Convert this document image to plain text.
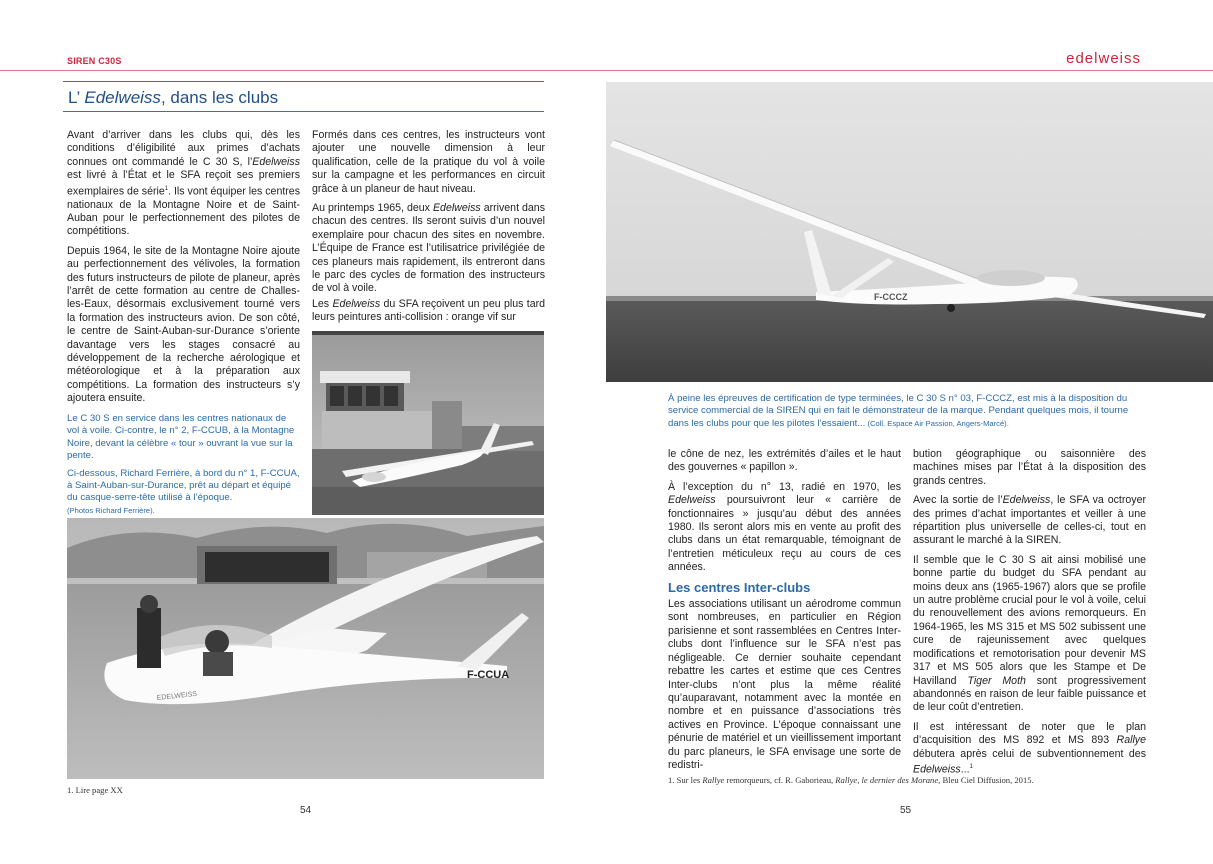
SIREN C30S	edelweiss
L’ Edelweiss, dans les clubs

Avant d’arriver dans les clubs qui, dès les conditions d’éligibilité aux primes d’achats connues ont commandé le C 30 S, l’Edelweiss est livré à l’État et le SFA reçoit ses premiers exemplaires de série$^1$. Ils vont équiper les centres nationaux de la Montagne Noire et de Saint-Auban pour le perfectionnement des pilotes de compétitions.

Depuis 1964, le site de la Montagne Noire ajoute au perfectionnement des vélivoles, la formation des futurs instructeurs de pilote de planeur, après l’arrêt de cette formation au centre de Challes-les-Eaux, désormais exclusivement tourné vers la formation des instructeurs avion. De son côté, le centre de Saint-Auban-sur-Durance s’oriente davantage vers les stages consacré au développement de la recherche aérologique et météorologique et à la préparation aux compétitions. La formation des instructeurs s’y ajoutera ensuite.

Formés dans ces centres, les instructeurs vont ajouter une nouvelle dimension à leur qualification, celle de la pratique du vol à voile sur la campagne et les performances en circuit grâce à un planeur de haut niveau.

Au printemps 1965, deux Edelweiss arrivent dans chacun des centres. Ils seront suivis d’un nouvel exemplaire pour chacun des sites en novembre. L’Équipe de France est l’utilisatrice privilégiée de ces planeurs mais rapidement, ils entreront dans le parc des cycles de formation des instructeurs de vol à voile.

Les Edelweiss du SFA reçoivent un peu plus tard leurs peintures anti-collision : orange vif sur

Le C 30 S en service dans les centres nationaux de vol à voile. Ci-contre, le n° 2, F-CCUB, à la Montagne Noire, devant la célèbre « tour » ouvrant la vue sur la pente.

Ci-dessous, Richard Ferrière, à bord du n° 1, F-CCUA, à Saint-Auban-sur-Durance, prêt au départ et équipé du casque-serre-tête utilisé à l’époque.
(Photos Richard Ferrière).

F-CCUA
EDELWEISS
1. Lire page XX
54
F-CCCZ
À peine les épreuves de certification de type terminées, le C 30 S n° 03, F-CCCZ, est mis à la disposition du service commercial de la SIREN qui en fait le démonstrateur de la marque. Pendant quelques mois, il tourne dans les clubs pour que les pilotes l’essaient... (Coll. Espace Air Passion, Angers-Marcé).

le cône de nez, les extrémités d’ailes et le haut des gouvernes « papillon ».

À l’exception du n° 13, radié en 1970, les Edelweiss poursuivront leur « carrière de fonctionnaires » jusqu’au début des années 1980. Ils seront alors mis en vente au profit des clubs dans un état remarquable, témoignant de l’entretien méticuleux reçu au cours de ces années.

Les centres Inter-clubs

Les associations utilisant un aérodrome commun sont nombreuses, en particulier en Région parisienne et sont rassemblées en Centres Inter-clubs dont l’influence sur le SFA n’est pas négligeable. Ce dernier souhaite cependant rebattre les cartes et estime que ces Centres Inter-clubs n’ont plus la même réalité qu’auparavant, notamment avec la montée en nombre et en puissance d’associations très actives en Province. L’époque connaissant une pénurie de matériel et un vieillissement important du parc planeurs, le SFA envisage une sorte de redistri-

bution géographique ou saisonnière des machines mises par l’État à la disposition des grands centres.

Avec la sortie de l’Edelweiss, le SFA va octroyer des primes d’achat importantes et veiller à une répartition plus universelle de celles-ci, tout en assurant le marché à la SIREN.

Il semble que le C 30 S ait ainsi mobilisé une bonne partie du budget du SFA pendant au moins deux ans (1965-1967) alors que se profile un autre problème crucial pour le vol à voile, celui du renouvellement des avions remorqueurs. En 1964-1965, les MS 315 et MS 502 subissent une cure de rajeunissement avec quelques modifications et remotorisation pour devenir MS 317 et MS 505 alors que les Stampe et De Havilland Tiger Moth sont progressivement abandonnés en raison de leur faible puissance et de leur coût d’entretien.

Il est intéressant de noter que le plan d’acquisition des MS 892 et MS 893 Rallye débutera après celui de subventionnement des Edelweiss...$^1$

1. Sur les Rallye remorqueurs, cf. R. Gaborieau, Rallye, le dernier des Morane, Bleu Ciel Diffusion, 2015.
55
